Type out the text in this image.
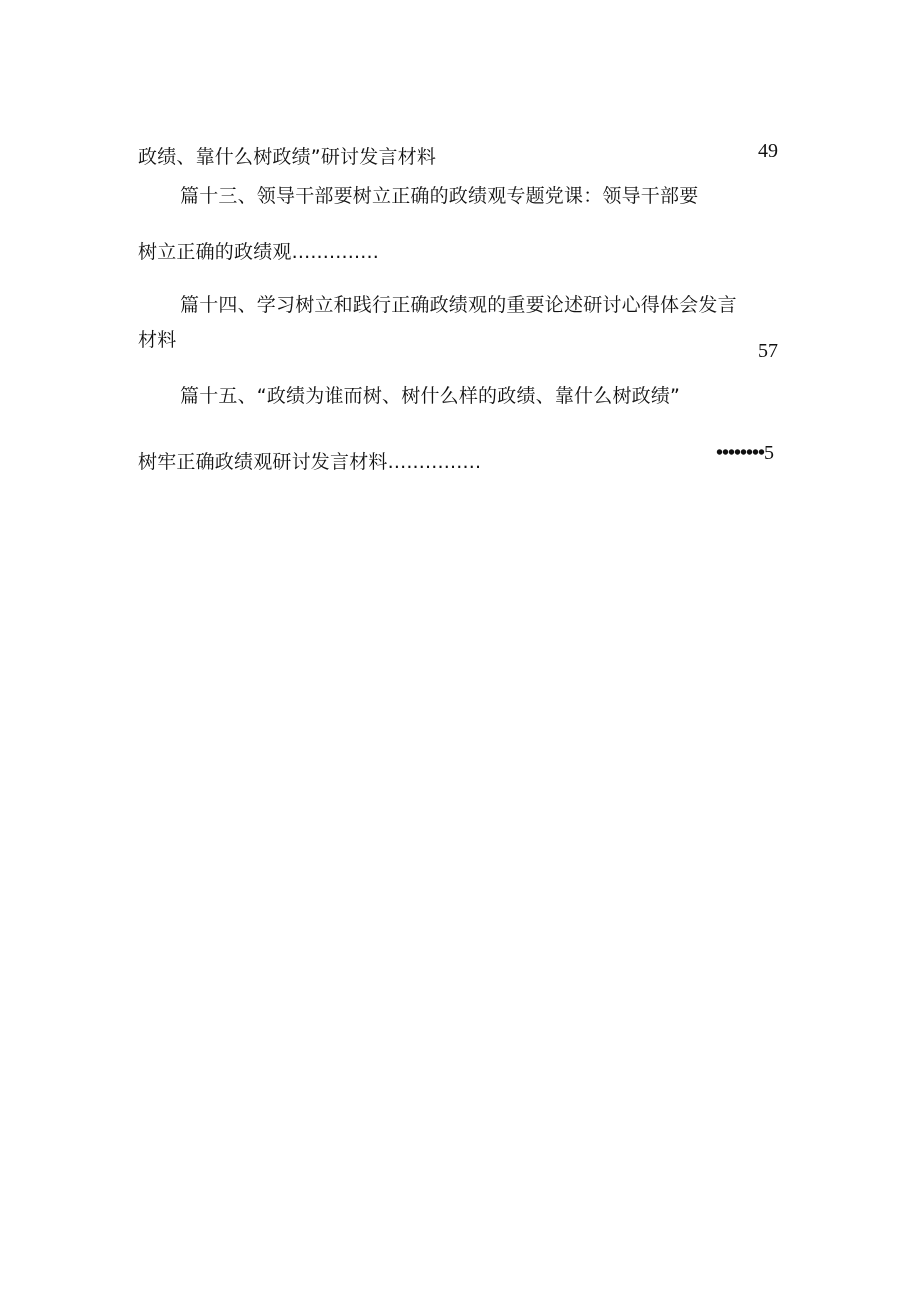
政绩、靠什么树政绩”研讨发言材料	49
篇十三、领导干部要树立正确的政绩观专题党课：领导干部要
树立正确的政绩观..............
篇十四、学习树立和践行正确政绩观的重要论述研讨心得体会发言
材料	57
篇十五、“政绩为谁而树、树什么样的政绩、靠什么树政绩”
树牢正确政绩观研讨发言材料...............	••••••••5
